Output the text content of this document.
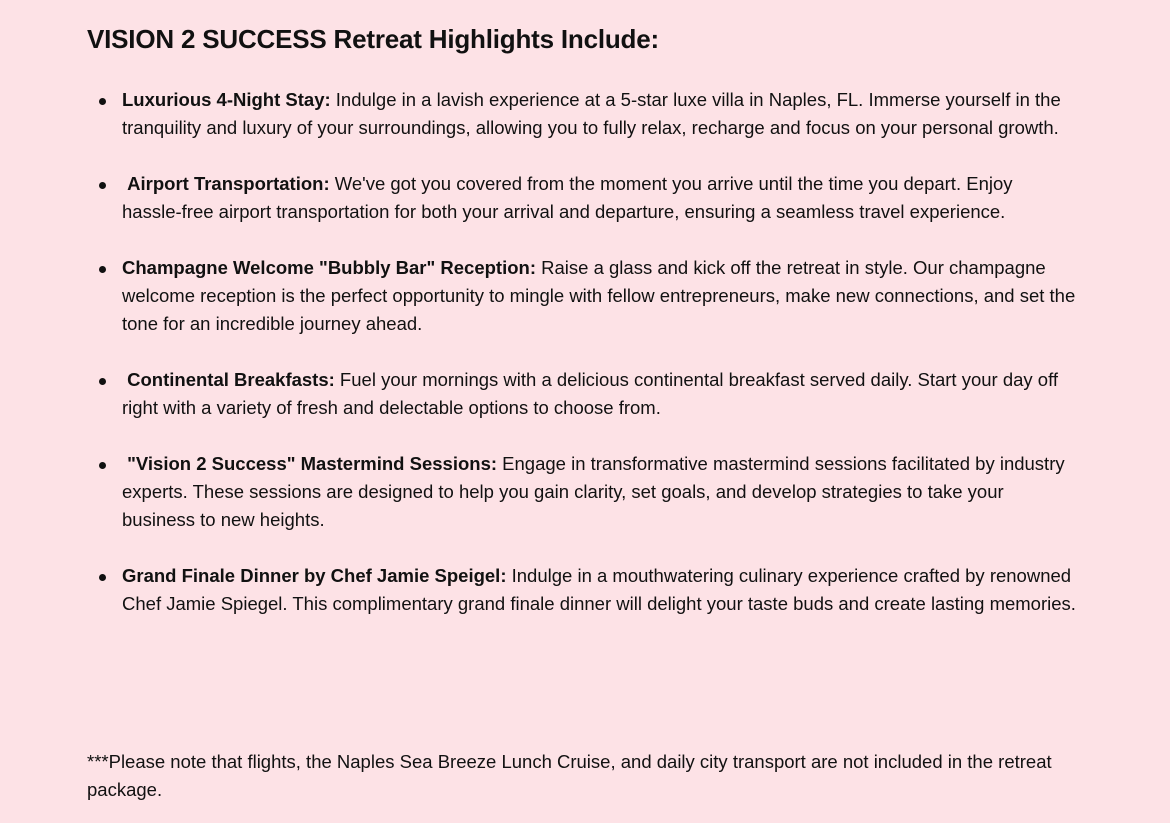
VISION 2 SUCCESS Retreat Highlights Include:
Luxurious 4-Night Stay: Indulge in a lavish experience at a 5-star luxe villa in Naples, FL. Immerse yourself in the tranquility and luxury of your surroundings, allowing you to fully relax, recharge and focus on your personal growth.
Airport Transportation: We've got you covered from the moment you arrive until the time you depart. Enjoy hassle-free airport transportation for both your arrival and departure, ensuring a seamless travel experience.
Champagne Welcome "Bubbly Bar" Reception: Raise a glass and kick off the retreat in style. Our champagne welcome reception is the perfect opportunity to mingle with fellow entrepreneurs, make new connections, and set the tone for an incredible journey ahead.
Continental Breakfasts: Fuel your mornings with a delicious continental breakfast served daily. Start your day off right with a variety of fresh and delectable options to choose from.
"Vision 2 Success" Mastermind Sessions: Engage in transformative mastermind sessions facilitated by industry experts. These sessions are designed to help you gain clarity, set goals, and develop strategies to take your business to new heights.
Grand Finale Dinner by Chef Jamie Speigel: Indulge in a mouthwatering culinary experience crafted by renowned Chef Jamie Spiegel. This complimentary grand finale dinner will delight your taste buds and create lasting memories.
***Please note that flights, the Naples Sea Breeze Lunch Cruise, and daily city transport are not included in the retreat package.
